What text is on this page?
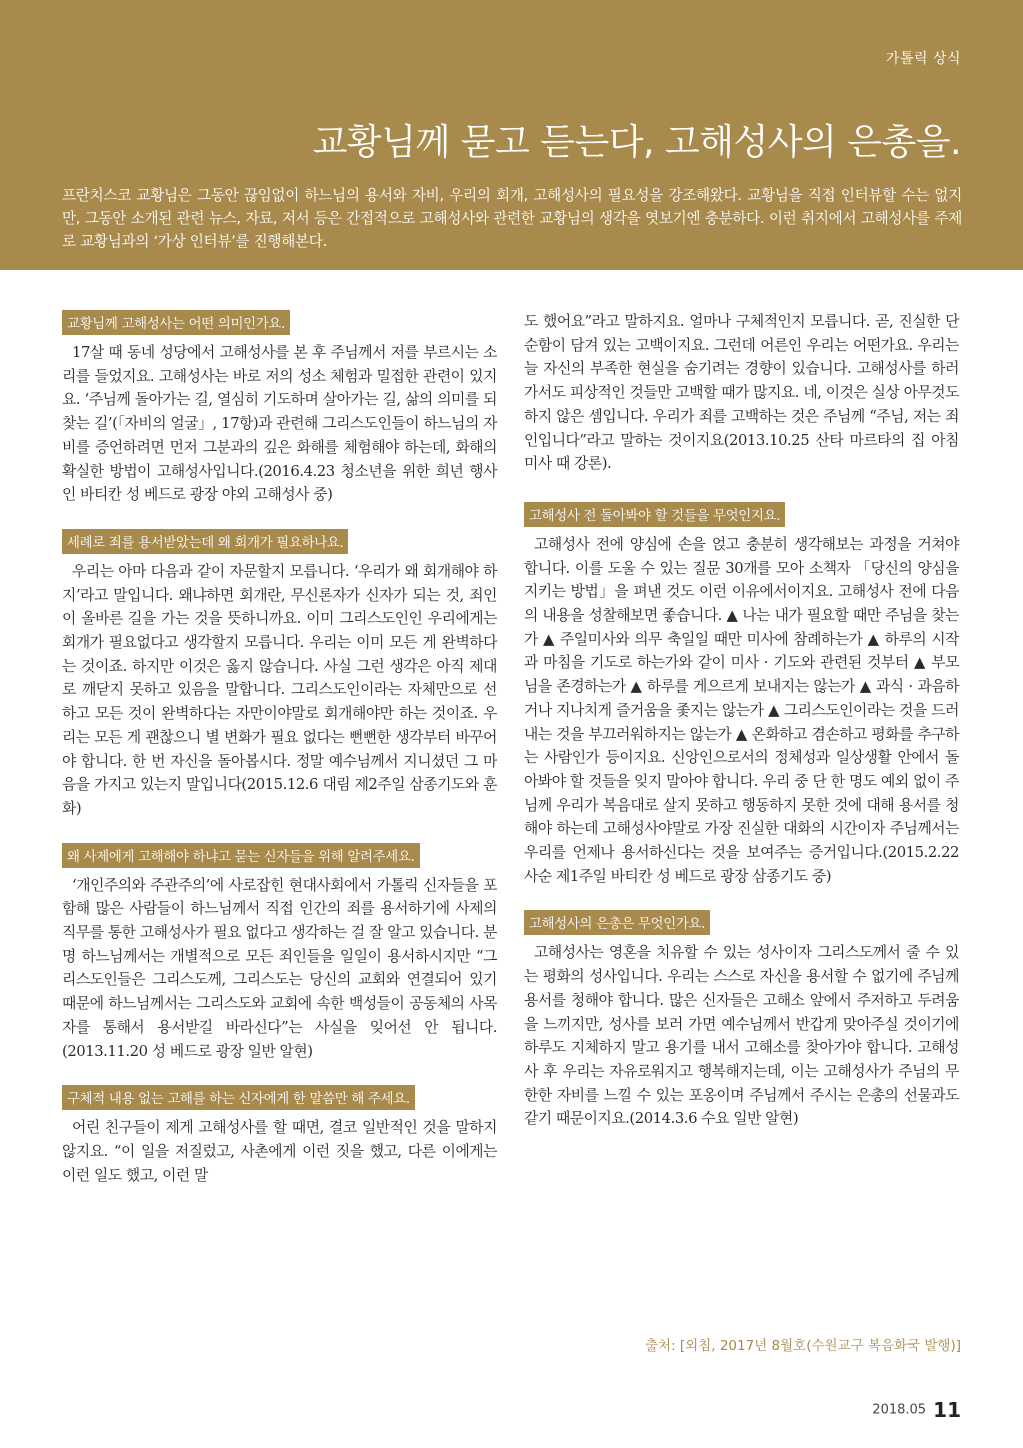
가톨릭 상식
교황님께 묻고 듣는다, 고해성사의 은총을.
프란치스코 교황님은 그동안 끊임없이 하느님의 용서와 자비, 우리의 회개, 고해성사의 필요성을 강조해왔다. 교황님을 직접 인터뷰할 수는 없지만, 그동안 소개된 관련 뉴스, 자료, 저서 등은 간접적으로 고해성사와 관련한 교황님의 생각을 엿보기엔 충분하다. 이런 취지에서 고해성사를 주제로 교황님과의 ‘가상 인터뷰’를 진행해본다.
교황님께 고해성사는 어떤 의미인가요.

17살 때 동네 성당에서 고해성사를 본 후 주님께서 저를 부르시는 소리를 들었지요. 고해성사는 바로 저의 성소 체험과 밀접한 관련이 있지요. ‘주님께 돌아가는 길, 열심히 기도하며 살아가는 길, 삶의 의미를 되찾는 길’(「자비의 얼굴」, 17항)과 관련해 그리스도인들이 하느님의 자비를 증언하려면 먼저 그분과의 깊은 화해를 체험해야 하는데, 화해의 확실한 방법이 고해성사입니다.(2016.4.23 청소년을 위한 희년 행사인 바티칸 성 베드로 광장 야외 고해성사 중)

세례로 죄를 용서받았는데 왜 회개가 필요하나요.

우리는 아마 다음과 같이 자문할지 모릅니다. ‘우리가 왜 회개해야 하지’라고 말입니다. 왜냐하면 회개란, 무신론자가 신자가 되는 것, 죄인이 올바른 길을 가는 것을 뜻하니까요. 이미 그리스도인인 우리에게는 회개가 필요없다고 생각할지 모릅니다. 우리는 이미 모든 게 완벽하다는 것이죠. 하지만 이것은 옳지 않습니다. 사실 그런 생각은 아직 제대로 깨닫지 못하고 있음을 말합니다. 그리스도인이라는 자체만으로 선하고 모든 것이 완벽하다는 자만이야말로 회개해야만 하는 것이죠. 우리는 모든 게 괜찮으니 별 변화가 필요 없다는 뻔뻔한 생각부터 바꾸어야 합니다. 한 번 자신을 돌아봅시다. 정말 예수님께서 지니셨던 그 마음을 가지고 있는지 말입니다(2015.12.6 대림 제2주일 삼종기도와 훈화)

왜 사제에게 고해해야 하냐고 묻는 신자들을 위해 알려주세요.

‘개인주의와 주관주의’에 사로잡힌 현대사회에서 가톨릭 신자들을 포함해 많은 사람들이 하느님께서 직접 인간의 죄를 용서하기에 사제의 직무를 통한 고해성사가 필요 없다고 생각하는 걸 잘 알고 있습니다. 분명 하느님께서는 개별적으로 모든 죄인들을 일일이 용서하시지만 “그리스도인들은 그리스도께, 그리스도는 당신의 교회와 연결되어 있기 때문에 하느님께서는 그리스도와 교회에 속한 백성들이 공동체의 사목자를 통해서 용서받길 바라신다”는 사실을 잊어선 안 됩니다.(2013.11.20 성 베드로 광장 일반 알현)

구체적 내용 없는 고해를 하는 신자에게 한 말씀만 해 주세요.

어린 친구들이 제게 고해성사를 할 때면, 결코 일반적인 것을 말하지 않지요. “이 일을 저질렀고, 사촌에게 이런 짓을 했고, 다른 이에게는 이런 일도 했고, 이런 말

도 했어요”라고 말하지요. 얼마나 구체적인지 모릅니다. 곧, 진실한 단순함이 담겨 있는 고백이지요. 그런데 어른인 우리는 어떤가요. 우리는 늘 자신의 부족한 현실을 숨기려는 경향이 있습니다. 고해성사를 하러 가서도 피상적인 것들만 고백할 때가 많지요. 네, 이것은 실상 아무것도 하지 않은 셈입니다. 우리가 죄를 고백하는 것은 주님께 “주님, 저는 죄인입니다”라고 말하는 것이지요(2013.10.25 산타 마르타의 집 아침미사 때 강론).

고해성사 전 돌아봐야 할 것들을 무엇인지요.

고해성사 전에 양심에 손을 얹고 충분히 생각해보는 과정을 거쳐야 합니다. 이를 도울 수 있는 질문 30개를 모아 소책자 「당신의 양심을 지키는 방법」을 펴낸 것도 이런 이유에서이지요. 고해성사 전에 다음의 내용을 성찰해보면 좋습니다. ▲ 나는 내가 필요할 때만 주님을 찾는가 ▲ 주일미사와 의무 축일일 때만 미사에 참례하는가 ▲ 하루의 시작과 마침을 기도로 하는가와 같이 미사 · 기도와 관련된 것부터 ▲ 부모님을 존경하는가 ▲ 하루를 게으르게 보내지는 않는가 ▲ 과식 · 과음하거나 지나치게 즐거움을 좇지는 않는가 ▲ 그리스도인이라는 것을 드러내는 것을 부끄러워하지는 않는가 ▲ 온화하고 겸손하고 평화를 추구하는 사람인가 등이지요. 신앙인으로서의 정체성과 일상생활 안에서 돌아봐야 할 것들을 잊지 말아야 합니다. 우리 중 단 한 명도 예외 없이 주님께 우리가 복음대로 살지 못하고 행동하지 못한 것에 대해 용서를 청해야 하는데 고해성사야말로 가장 진실한 대화의 시간이자 주님께서는 우리를 언제나 용서하신다는 것을 보여주는 증거입니다.(2015.2.22 사순 제1주일 바티칸 성 베드로 광장 삼종기도 중)

고해성사의 은총은 무엇인가요.

고해성사는 영혼을 치유할 수 있는 성사이자 그리스도께서 줄 수 있는 평화의 성사입니다. 우리는 스스로 자신을 용서할 수 없기에 주님께 용서를 청해야 합니다. 많은 신자들은 고해소 앞에서 주저하고 두려움을 느끼지만, 성사를 보러 가면 예수님께서 반갑게 맞아주실 것이기에 하루도 지체하지 말고 용기를 내서 고해소를 찾아가야 합니다. 고해성사 후 우리는 자유로워지고 행복해지는데, 이는 고해성사가 주님의 무한한 자비를 느낄 수 있는 포옹이며 주님께서 주시는 은총의 선물과도 같기 때문이지요.(2014.3.6 수요 일반 알현)

출처: [외침, 2017년 8월호(수원교구 복음화국 발행)]
2018.05 11
